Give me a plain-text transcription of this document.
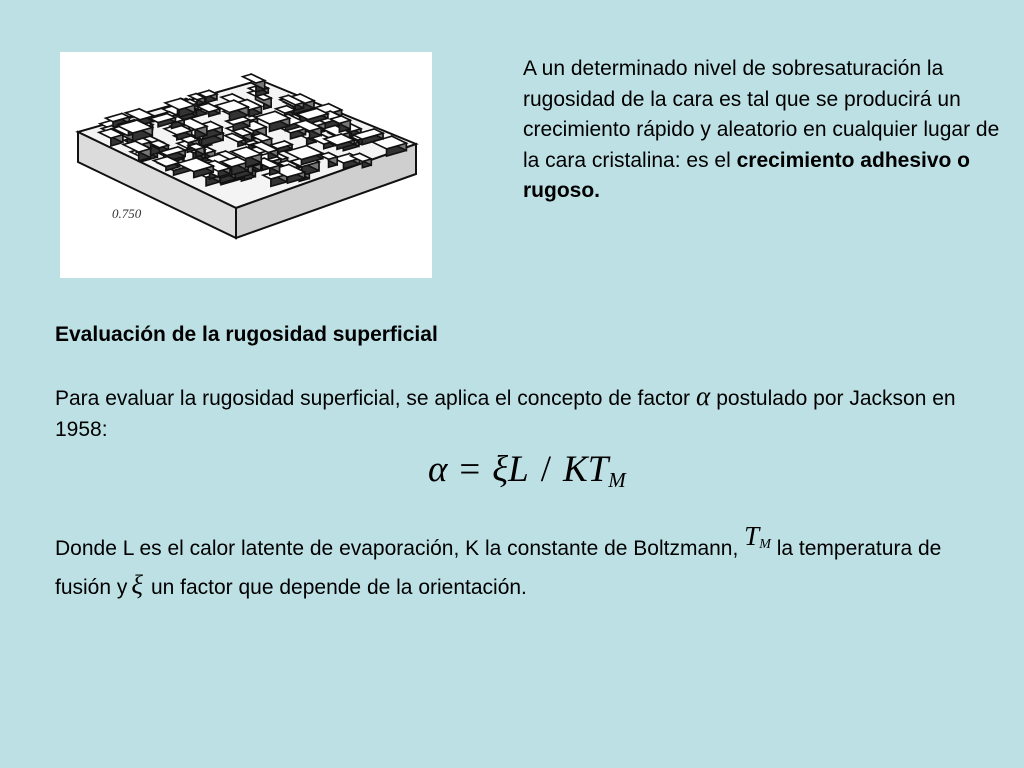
0.750
A un determinado nivel de sobresaturación la rugosidad de la cara es tal que se producirá un crecimiento rápido y aleatorio en cualquier lugar de la cara cristalina: es el crecimiento adhesivo o rugoso.
Evaluación de la rugosidad superficial
Para evaluar la rugosidad superficial, se aplica el concepto de factor α postulado por Jackson en 1958:
$\alpha = \xi L / KT_M$
Donde L es el calor latente de evaporación, K la constante de Boltzmann, $T_M$ la temperatura de fusión y ξ un factor que depende de la orientación.
